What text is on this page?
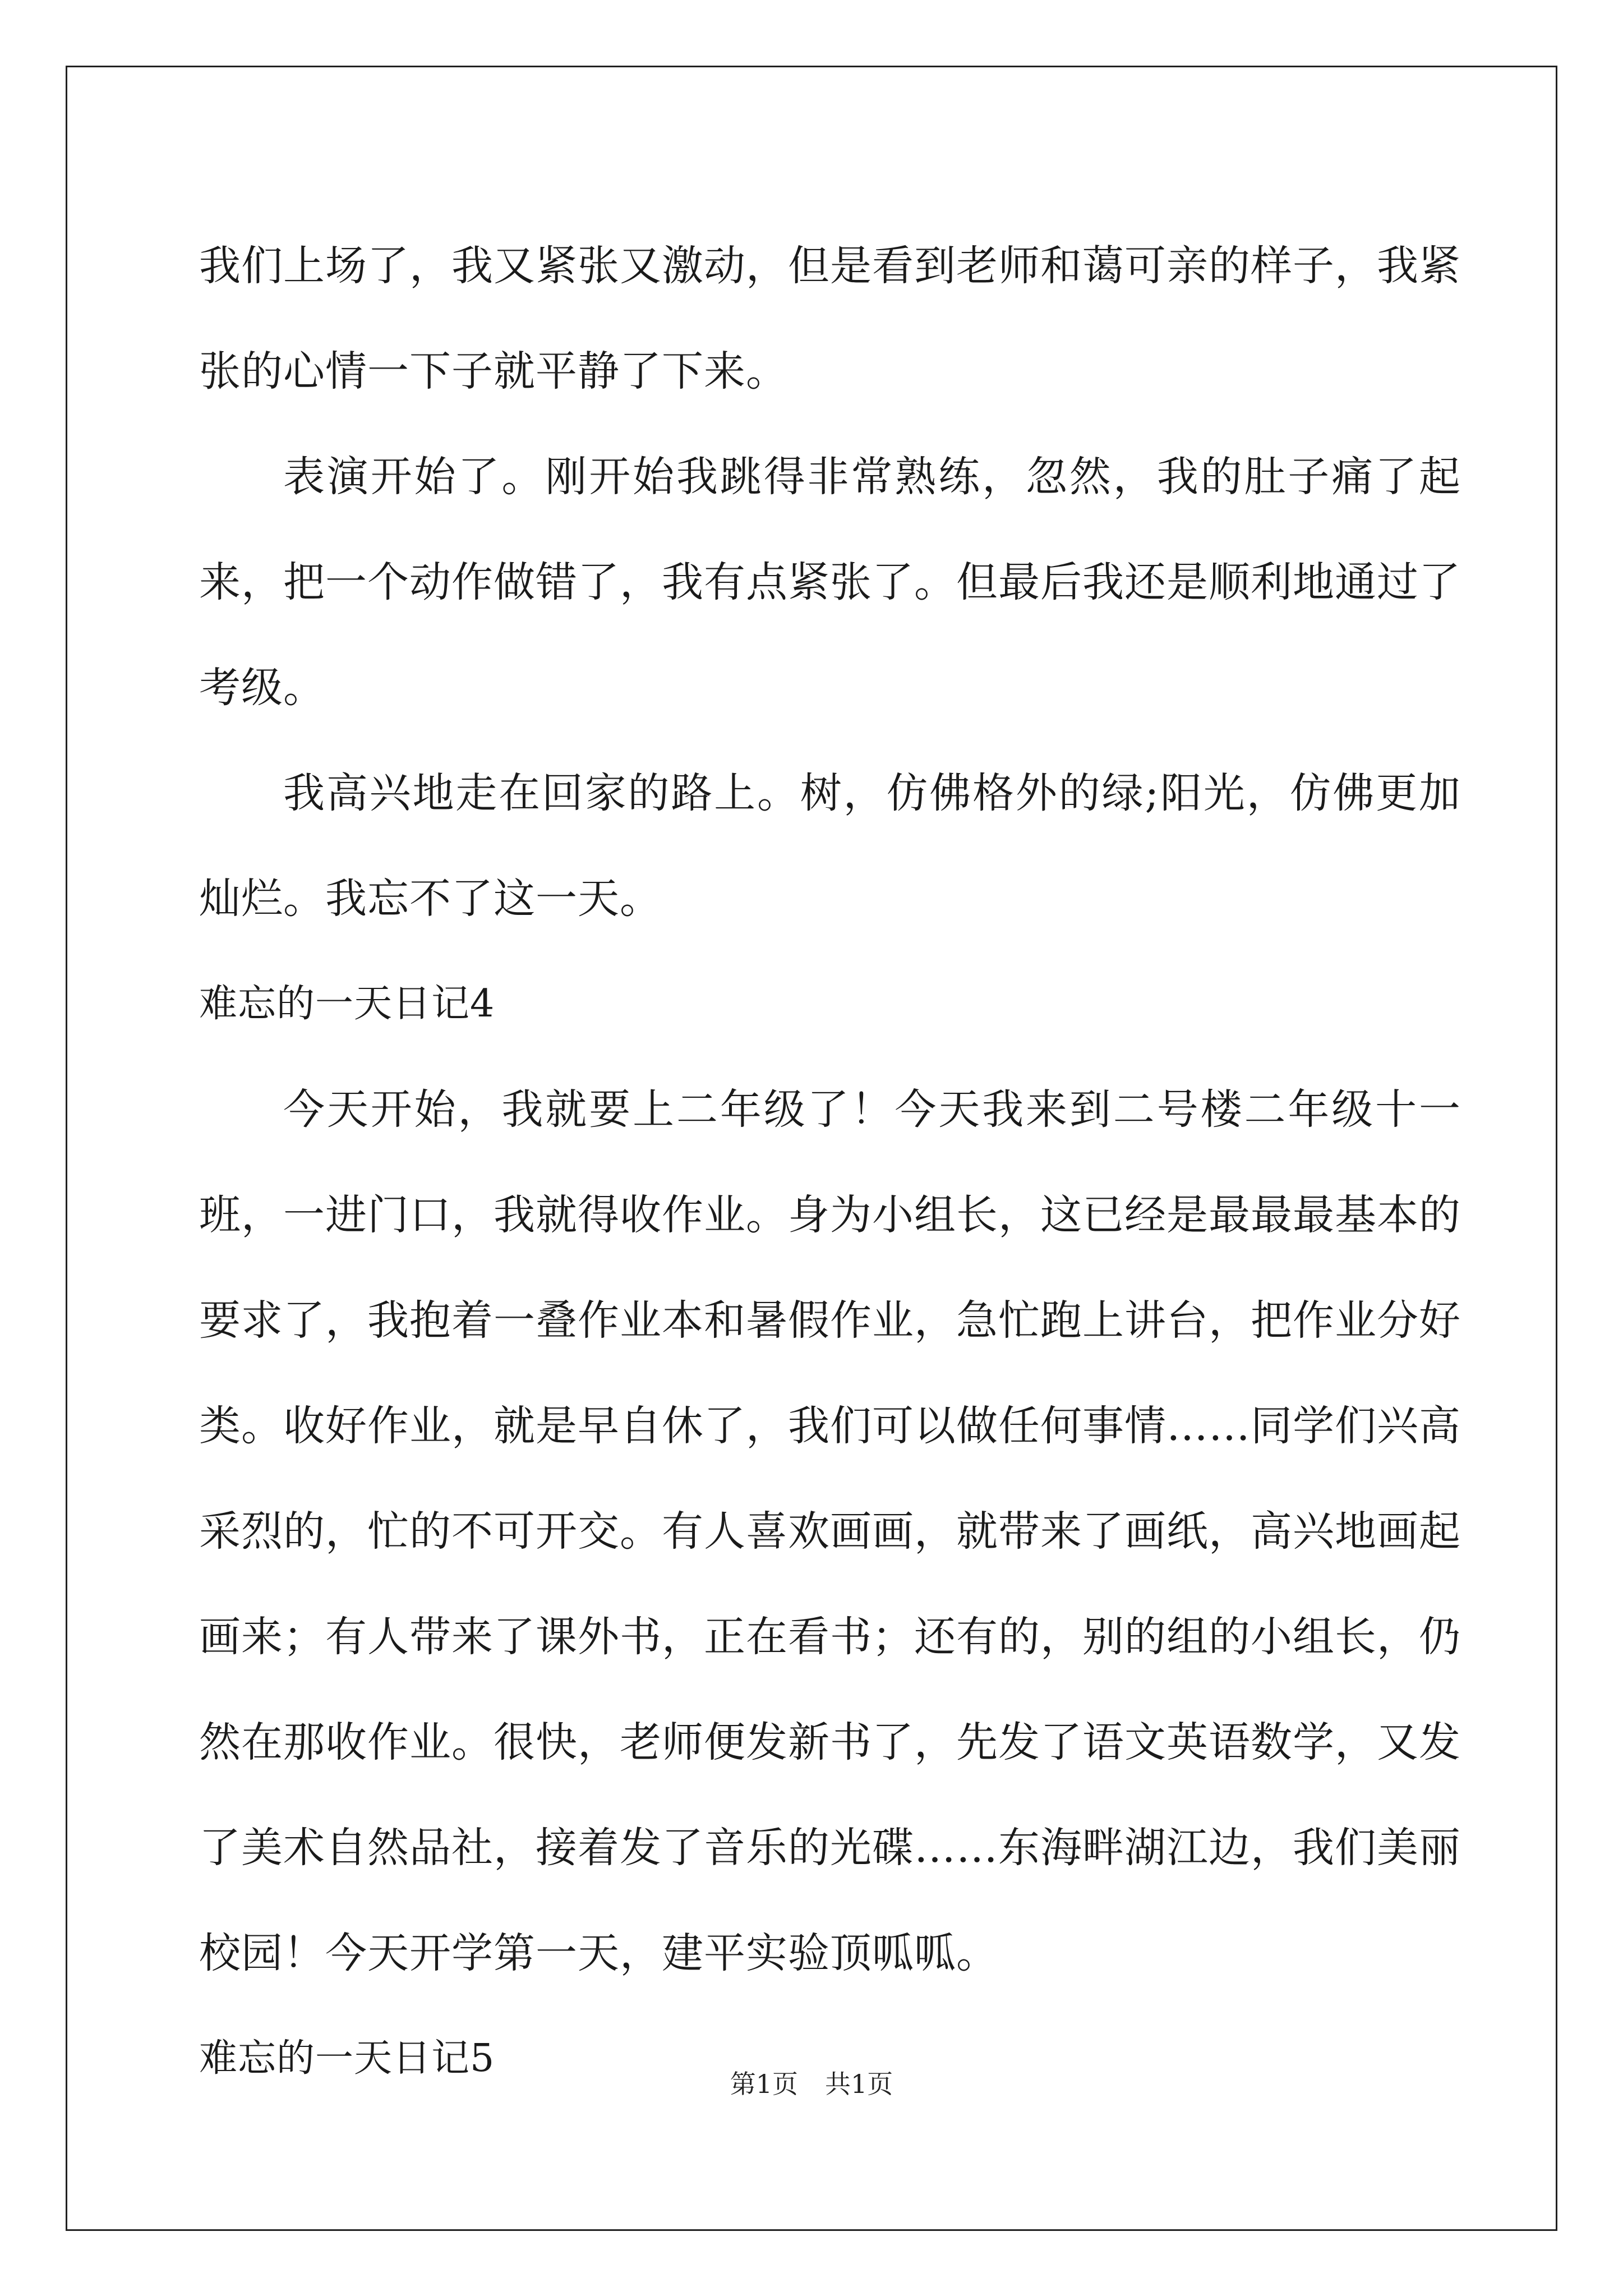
我们上场了，我又紧张又激动，但是看到老师和蔼可亲的样子，我紧张的心情一下子就平静了下来。

表演开始了。刚开始我跳得非常熟练，忽然，我的肚子痛了起来，把一个动作做错了，我有点紧张了。但最后我还是顺利地通过了考级。

我高兴地走在回家的路上。树，仿佛格外的绿;阳光，仿佛更加灿烂。我忘不了这一天。

难忘的一天日记4

今天开始，我就要上二年级了！今天我来到二号楼二年级十一班，一进门口，我就得收作业。身为小组长，这已经是最最最基本的要求了，我抱着一叠作业本和暑假作业，急忙跑上讲台，把作业分好类。收好作业，就是早自休了，我们可以做任何事情……同学们兴高采烈的，忙的不可开交。有人喜欢画画，就带来了画纸，高兴地画起画来；有人带来了课外书，正在看书；还有的，别的组的小组长，仍然在那收作业。很快，老师便发新书了，先发了语文英语数学，又发了美术自然品社，接着发了音乐的光碟……东海畔湖江边，我们美丽校园！今天开学第一天，建平实验顶呱呱。

难忘的一天日记5

第1页 共1页
